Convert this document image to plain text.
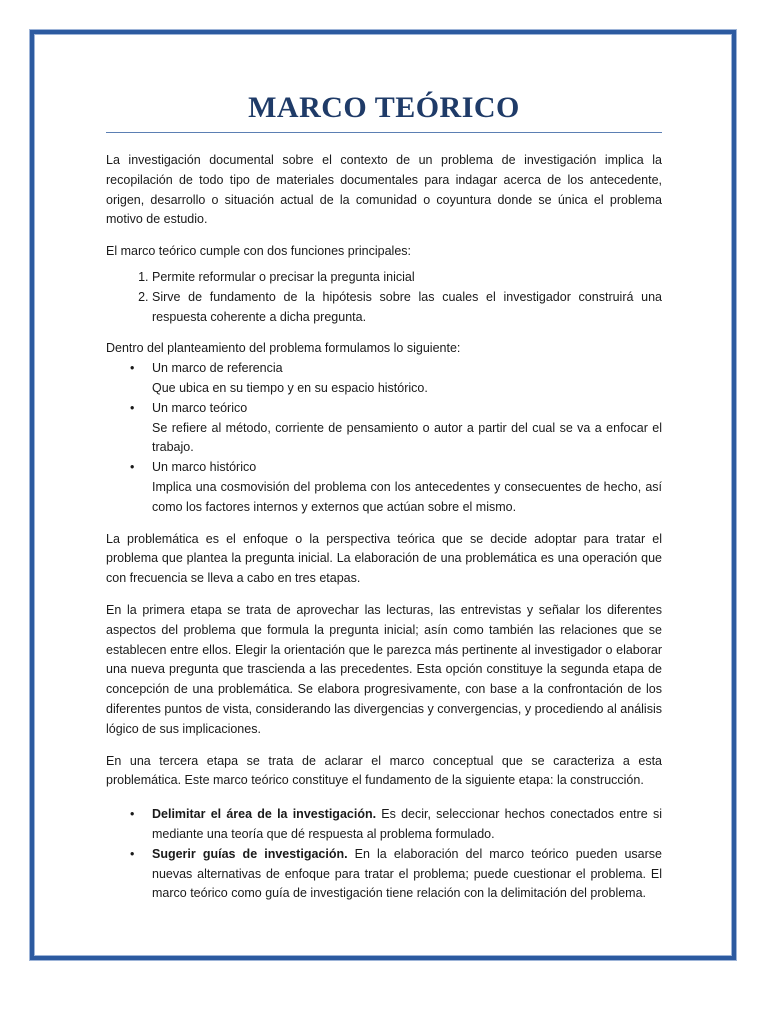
MARCO TEÓRICO

La investigación documental sobre el contexto de un problema de investigación implica la recopilación de todo tipo de materiales documentales para indagar acerca de los antecedente, origen, desarrollo o situación actual de la comunidad o coyuntura donde se única el problema motivo de estudio.

El marco teórico cumple con dos funciones principales:

1. Permite reformular o precisar la pregunta inicial
2. Sirve de fundamento de la hipótesis sobre las cuales el investigador construirá una respuesta coherente a dicha pregunta.

Dentro del planteamiento del problema formulamos lo siguiente:

• Un marco de referencia
Que ubica en su tiempo y en su espacio histórico.
• Un marco teórico
Se refiere al método, corriente de pensamiento o autor a partir del cual se va a enfocar el trabajo.
• Un marco histórico
Implica una cosmovisión del problema con los antecedentes y consecuentes de hecho, así como los factores internos y externos que actúan sobre el mismo.

La problemática es el enfoque o la perspectiva teórica que se decide adoptar para tratar el problema que plantea la pregunta inicial. La elaboración de una problemática es una operación que con frecuencia se lleva a cabo en tres etapas.

En la primera etapa se trata de aprovechar las lecturas, las entrevistas y señalar los diferentes aspectos del problema que formula la pregunta inicial; asín como también las relaciones que se establecen entre ellos. Elegir la orientación que le parezca más pertinente al investigador o elaborar una nueva pregunta que trascienda a las precedentes. Esta opción constituye la segunda etapa de concepción de una problemática. Se elabora progresivamente, con base a la confrontación de los diferentes puntos de vista, considerando las divergencias y convergencias, y procediendo al análisis lógico de sus implicaciones.

En una tercera etapa se trata de aclarar el marco conceptual que se caracteriza a esta problemática. Este marco teórico constituye el fundamento de la siguiente etapa: la construcción.

• Delimitar el área de la investigación. Es decir, seleccionar hechos conectados entre si mediante una teoría que dé respuesta al problema formulado.
• Sugerir guías de investigación. En la elaboración del marco teórico pueden usarse nuevas alternativas de enfoque para tratar el problema; puede cuestionar el problema. El marco teórico como guía de investigación tiene relación con la delimitación del problema.
